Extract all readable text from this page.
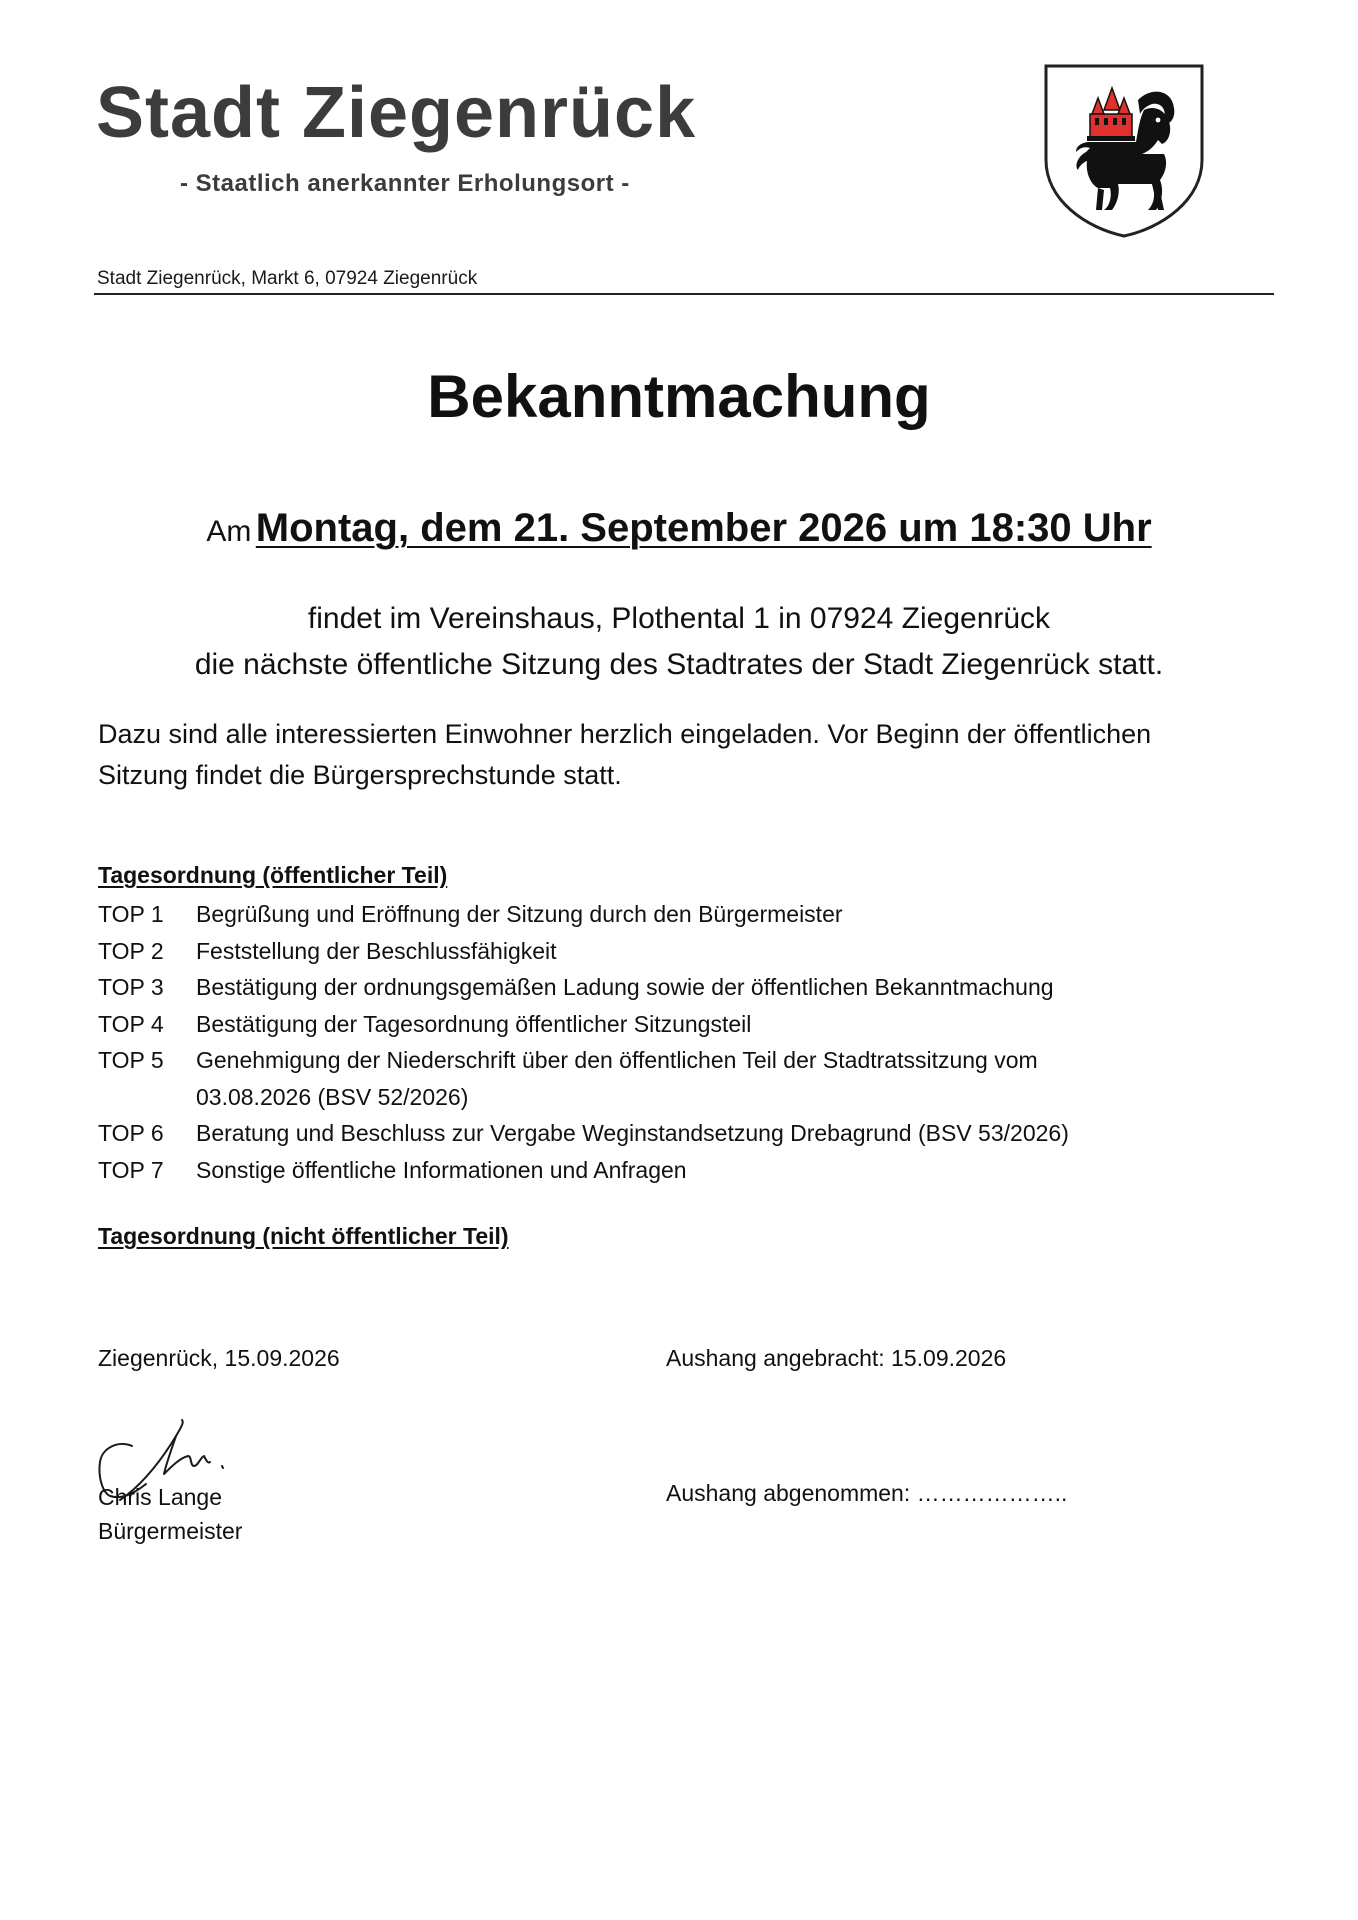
Stadt Ziegenrück
- Staatlich anerkannter Erholungsort -
Stadt Ziegenrück, Markt 6, 07924 Ziegenrück
Bekanntmachung
Am Montag, dem 21. September 2026 um 18:30 Uhr
findet im Vereinshaus, Plothental 1 in 07924 Ziegenrück
die nächste öffentliche Sitzung des Stadtrates der Stadt Ziegenrück statt.

Dazu sind alle interessierten Einwohner herzlich eingeladen. Vor Beginn der öffentlichen

Sitzung findet die Bürgersprechstunde statt.

Tagesordnung (öffentlicher Teil)
TOP 1	Begrüßung und Eröffnung der Sitzung durch den Bürgermeister
TOP 2	Feststellung der Beschlussfähigkeit
TOP 3	Bestätigung der ordnungsgemäßen Ladung sowie der öffentlichen Bekanntmachung
TOP 4	Bestätigung der Tagesordnung öffentlicher Sitzungsteil
TOP 5	Genehmigung der Niederschrift über den öffentlichen Teil der Stadtratssitzung vom
03.08.2026 (BSV 52/2026)
TOP 6	Beratung und Beschluss zur Vergabe Weginstandsetzung Drebagrund (BSV 53/2026)
TOP 7	Sonstige öffentliche Informationen und Anfragen
Tagesordnung (nicht öffentlicher Teil)
Ziegenrück, 15.09.2026	Aushang angebracht: 15.09.2026
Chris Lange
Bürgermeister
Aushang abgenommen: ………………..
